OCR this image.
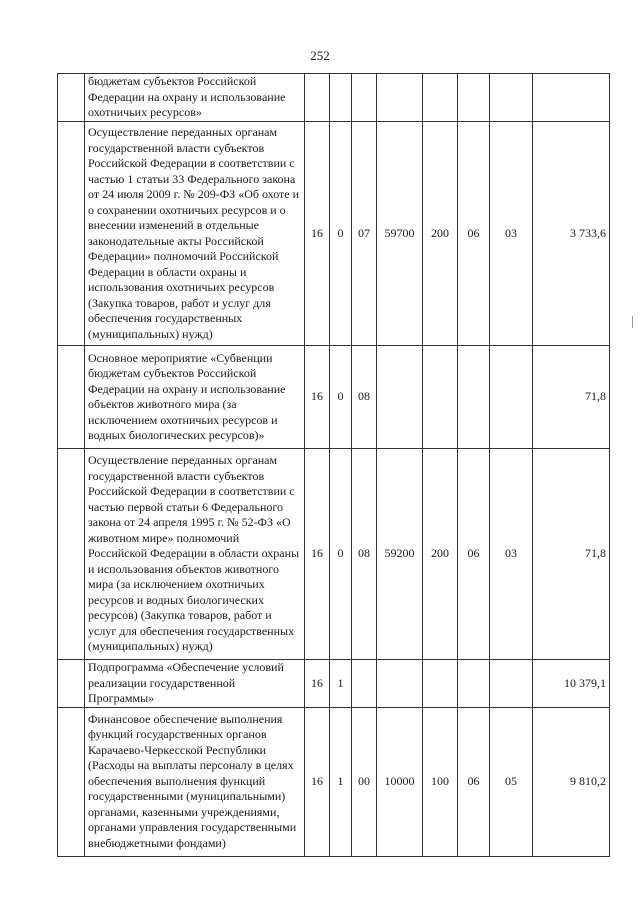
252
	бюджетам субъектов Российской Федерации на охрану и использование охотничьих ресурсов»								
	Осуществление переданных органам государственной власти субъектов Российской Федерации в соответствии с частью 1 статьи 33 Федерального закона от 24 июля 2009 г. № 209-ФЗ «Об охоте и о сохранении охотничьих ресурсов и о внесении изменений в отдельные законодательные акты Российской Федерации» полномочий Российской Федерации в области охраны и использования охотничьих ресурсов (Закупка товаров, работ и услуг для обеспечения государственных (муниципальных) нужд)	16	0	07	59700	200	06	03	3 733,6
	Основное мероприятие «Субвенции бюджетам субъектов Российской Федерации на охрану и использование объектов животного мира (за исключением охотничьих ресурсов и водных биологических ресурсов)»	16	0	08					71,8
	Осуществление переданных органам государственной власти субъектов Российской Федерации в соответствии с частью первой статьи 6 Федерального закона от 24 апреля 1995 г. № 52-ФЗ «О животном мире» полномочий Российской Федерации в области охраны и использования объектов животного мира (за исключением охотничьих ресурсов и водных биологических ресурсов) (Закупка товаров, работ и услуг для обеспечения государственных (муниципальных) нужд)	16	0	08	59200	200	06	03	71,8
	Подпрограмма «Обеспечение условий реализации государственной Программы»	16	1						10 379,1
	Финансовое обеспечение выполнения функций государственных органов Карачаево-Черкесской Республики (Расходы на выплаты персоналу в целях обеспечения выполнения функций государственными (муниципальными) органами, казенными учреждениями, органами управления государственными внебюджетными фондами)	16	1	00	10000	100	06	05	9 810,2
